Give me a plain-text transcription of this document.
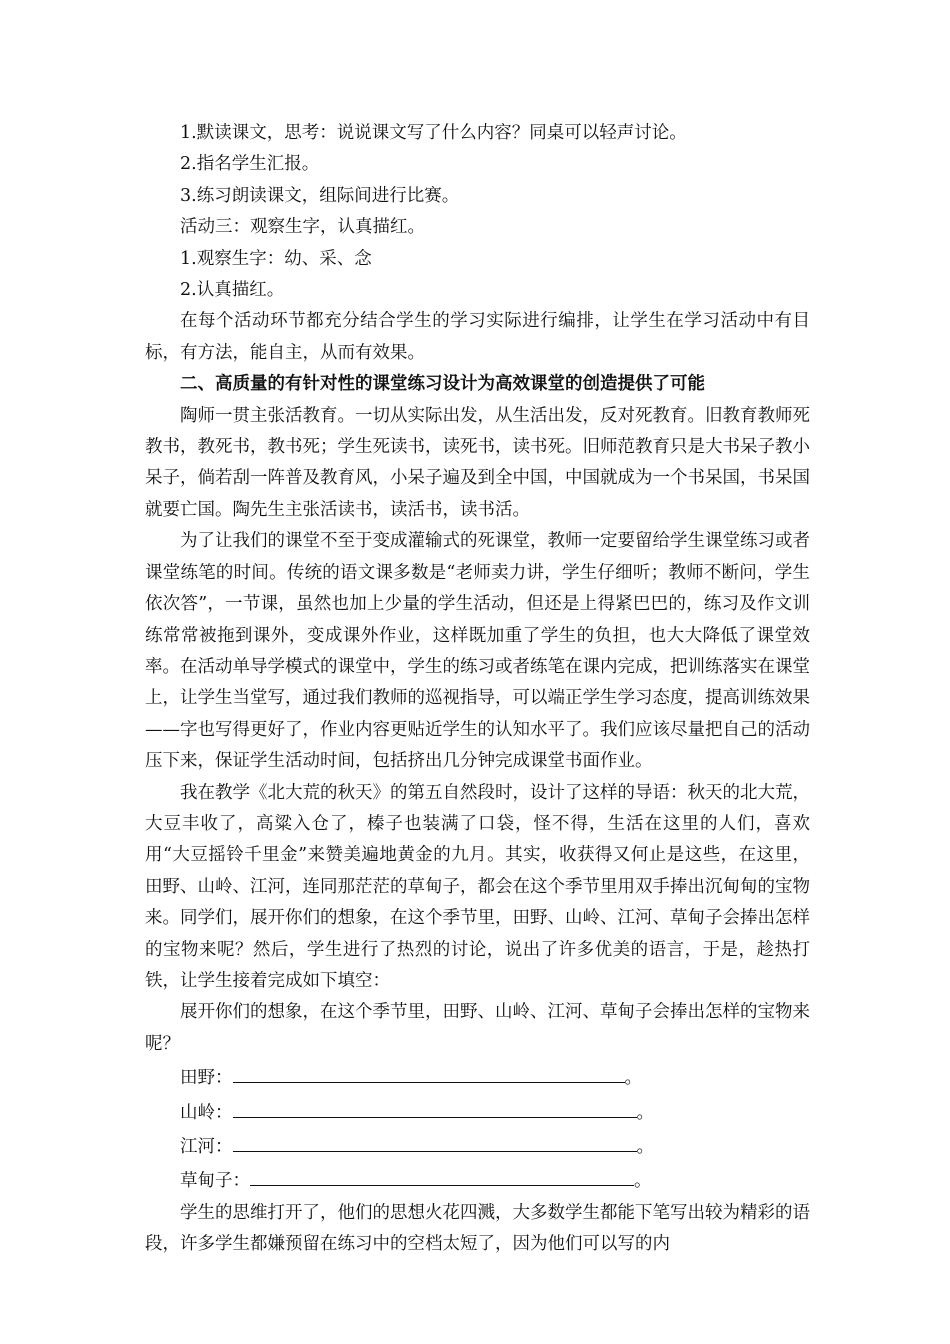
1.默读课文，思考：说说课文写了什么内容？同桌可以轻声讨论。

2.指名学生汇报。

3.练习朗读课文，组际间进行比赛。

活动三：观察生字，认真描红。

1.观察生字：幼、采、念

2.认真描红。

在每个活动环节都充分结合学生的学习实际进行编排，让学生在学习活动中有目标，有方法，能自主，从而有效果。

二、高质量的有针对性的课堂练习设计为高效课堂的创造提供了可能

陶师一贯主张活教育。一切从实际出发，从生活出发，反对死教育。旧教育教师死教书，教死书，教书死；学生死读书，读死书，读书死。旧师范教育只是大书呆子教小呆子，倘若刮一阵普及教育风，小呆子遍及到全中国，中国就成为一个书呆国，书呆国就要亡国。陶先生主张活读书，读活书，读书活。

为了让我们的课堂不至于变成灌输式的死课堂，教师一定要留给学生课堂练习或者课堂练笔的时间。传统的语文课多数是“老师卖力讲，学生仔细听；教师不断问，学生依次答”，一节课，虽然也加上少量的学生活动，但还是上得紧巴巴的，练习及作文训练常常被拖到课外，变成课外作业，这样既加重了学生的负担，也大大降低了课堂效率。在活动单导学模式的课堂中，学生的练习或者练笔在课内完成，把训练落实在课堂上，让学生当堂写，通过我们教师的巡视指导，可以端正学生学习态度，提高训练效果——字也写得更好了，作业内容更贴近学生的认知水平了。我们应该尽量把自己的活动压下来，保证学生活动时间，包括挤出几分钟完成课堂书面作业。

我在教学《北大荒的秋天》的第五自然段时，设计了这样的导语：秋天的北大荒，大豆丰收了，高粱入仓了，榛子也装满了口袋，怪不得，生活在这里的人们，喜欢用“大豆摇铃千里金”来赞美遍地黄金的九月。其实，收获得又何止是这些，在这里，田野、山岭、江河，连同那茫茫的草甸子，都会在这个季节里用双手捧出沉甸甸的宝物来。同学们，展开你们的想象，在这个季节里，田野、山岭、江河、草甸子会捧出怎样的宝物来呢？然后，学生进行了热烈的讨论，说出了许多优美的语言，于是，趁热打铁，让学生接着完成如下填空：

展开你们的想象，在这个季节里，田野、山岭、江河、草甸子会捧出怎样的宝物来呢？

田野：	。

山岭：	。

江河：	。

草甸子：	。

学生的思维打开了，他们的思想火花四溅，大多数学生都能下笔写出较为精彩的语段，许多学生都嫌预留在练习中的空档太短了，因为他们可以写的内
